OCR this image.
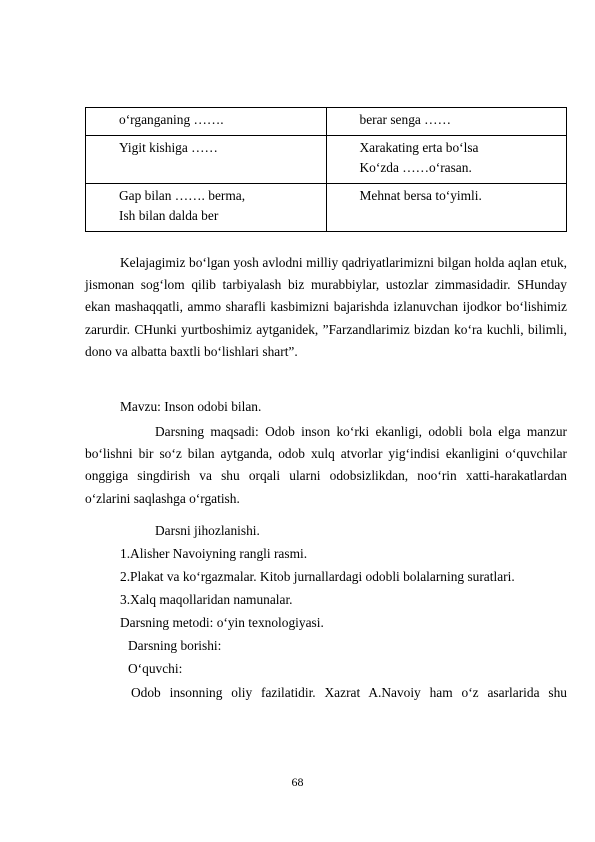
o‘rganganing …….	berar senga ……

Yigit kishiga ……	Xarakating erta bo‘lsa
Ko‘zda ……o‘rasan.

Gap bilan ……. berma,
Ish bilan dalda ber	Mehnat bersa to‘yimli.

Kelajagimiz bo‘lgan yosh avlodni milliy qadriyatlarimizni bilgan holda aqlan etuk, jismonan sog‘lom qilib tarbiyalash biz murabbiylar, ustozlar zimmasidadir. SHunday ekan mashaqqatli, ammo sharafli kasbimizni bajarishda izlanuvchan ijodkor bo‘lishimiz zarurdir. CHunki yurtboshimiz aytganidek, ”Farzandlarimiz bizdan ko‘ra kuchli, bilimli, dono va albatta baxtli bo‘lishlari shart”.

Mavzu: Inson odobi bilan.

Darsning maqsadi: Odob inson ko‘rki ekanligi, odobli bola elga manzur bo‘lishni bir so‘z bilan aytganda, odob xulq atvorlar yig‘indisi ekanligini o‘quvchilar onggiga singdirish va shu orqali ularni odobsizlikdan, noo‘rin xatti-harakatlardan o‘zlarini saqlashga o‘rgatish.

Darsni jihozlanishi.

1.Alisher Navoiyning rangli rasmi.

2.Plakat va ko‘rgazmalar. Kitob jurnallardagi odobli bolalarning suratlari.

3.Xalq maqollaridan namunalar.

Darsning metodi: o‘yin texnologiyasi.

Darsning borishi:

O‘quvchi:

Odob insonning oliy fazilatidir. Xazrat A.Navoiy ham o‘z asarlarida shu

68
